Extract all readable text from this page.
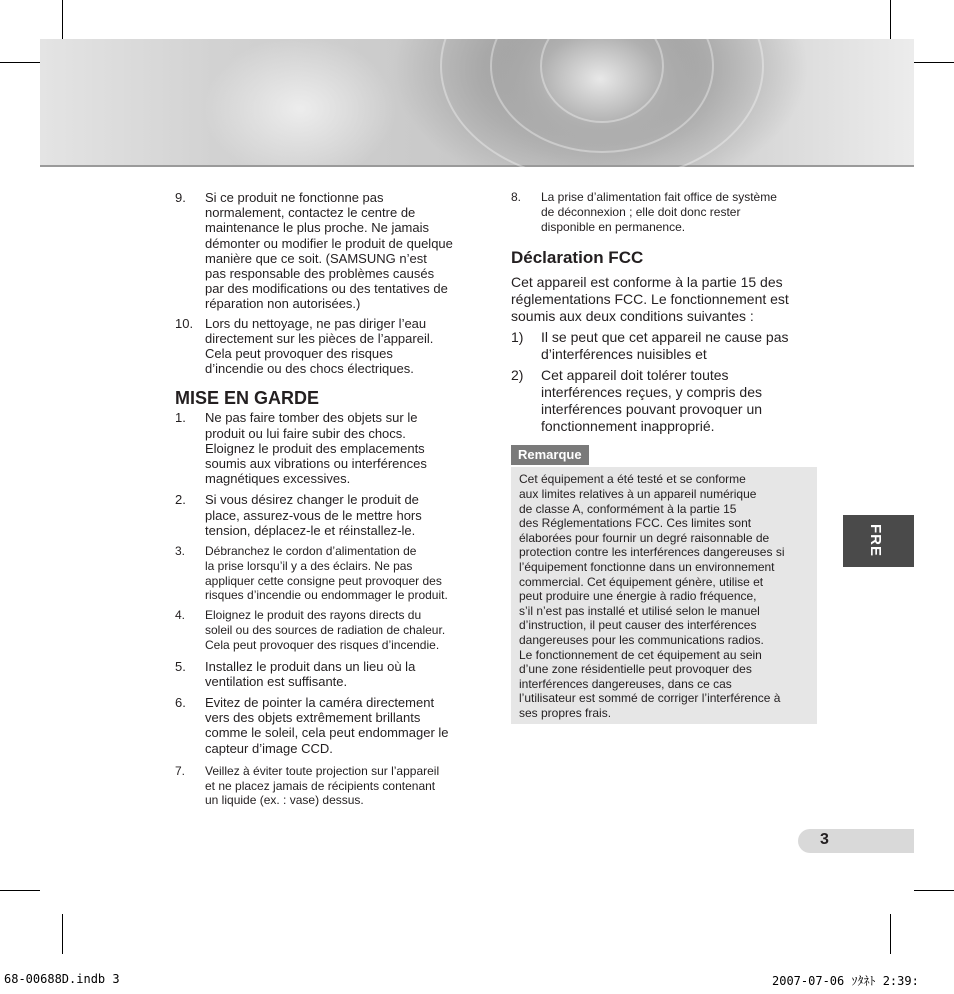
9.	Si ce produit ne fonctionne pas
normalement, contactez le centre de
maintenance le plus proche. Ne jamais
démonter ou modifier le produit de quelque
manière que ce soit. (SAMSUNG n’est
pas responsable des problèmes causés
par des modifications ou des tentatives de
réparation non autorisées.)
10. Lors du nettoyage, ne pas diriger l’eau
directement sur les pièces de l’appareil.
Cela peut provoquer des risques
d’incendie ou des chocs électriques.
MISE EN GARDE
1.	Ne pas faire tomber des objets sur le
produit ou lui faire subir des chocs.
Eloignez le produit des emplacements
soumis aux vibrations ou interférences
magnétiques excessives.
2.	Si vous désirez changer le produit de
place, assurez-vous de le mettre hors
tension, déplacez-le et réinstallez-le.
3.	Débranchez le cordon d’alimentation de
la prise lorsqu’il y a des éclairs. Ne pas
appliquer cette consigne peut provoquer des
risques d’incendie ou endommager le produit.
4.	Eloignez le produit des rayons directs du
soleil ou des sources de radiation de chaleur.
Cela peut provoquer des risques d’incendie.
5.	Installez le produit dans un lieu où la
ventilation est suffisante.
6.	Evitez de pointer la caméra directement
vers des objets extrêmement brillants
comme le soleil, cela peut endommager le
capteur d’image CCD.
7.	Veillez à éviter toute projection sur l’appareil
et ne placez jamais de récipients contenant
un liquide (ex. : vase) dessus.
8.	La prise d’alimentation fait office de système
de déconnexion ; elle doit donc rester
disponible en permanence.
Déclaration FCC
Cet appareil est conforme à la partie 15 des
réglementations FCC. Le fonctionnement est
soumis aux deux conditions suivantes :
1)	Il se peut que cet appareil ne cause pas
d’interférences nuisibles et
2)	Cet appareil doit tolérer toutes
interférences reçues, y compris des
interférences pouvant provoquer un
fonctionnement inapproprié.
Remarque
Cet équipement a été testé et se conforme
aux limites relatives à un appareil numérique
de classe A, conformément à la partie 15
des Réglementations FCC. Ces limites sont
élaborées pour fournir un degré raisonnable de
protection contre les interférences dangereuses si
l’équipement fonctionne dans un environnement
commercial. Cet équipement génère, utilise et
peut produire une énergie à radio fréquence,
s’il n’est pas installé et utilisé selon le manuel
d’instruction, il peut causer des interférences
dangereuses pour les communications radios.
Le fonctionnement de cet équipement au sein
d’une zone résidentielle peut provoquer des
interférences dangereuses, dans ce cas
l’utilisateur est sommé de corriger l’interférence à
ses propres frais.
FRE
3
68-00688D.indb 3	2007-07-06 ｿﾀﾈﾄ 2:39:
